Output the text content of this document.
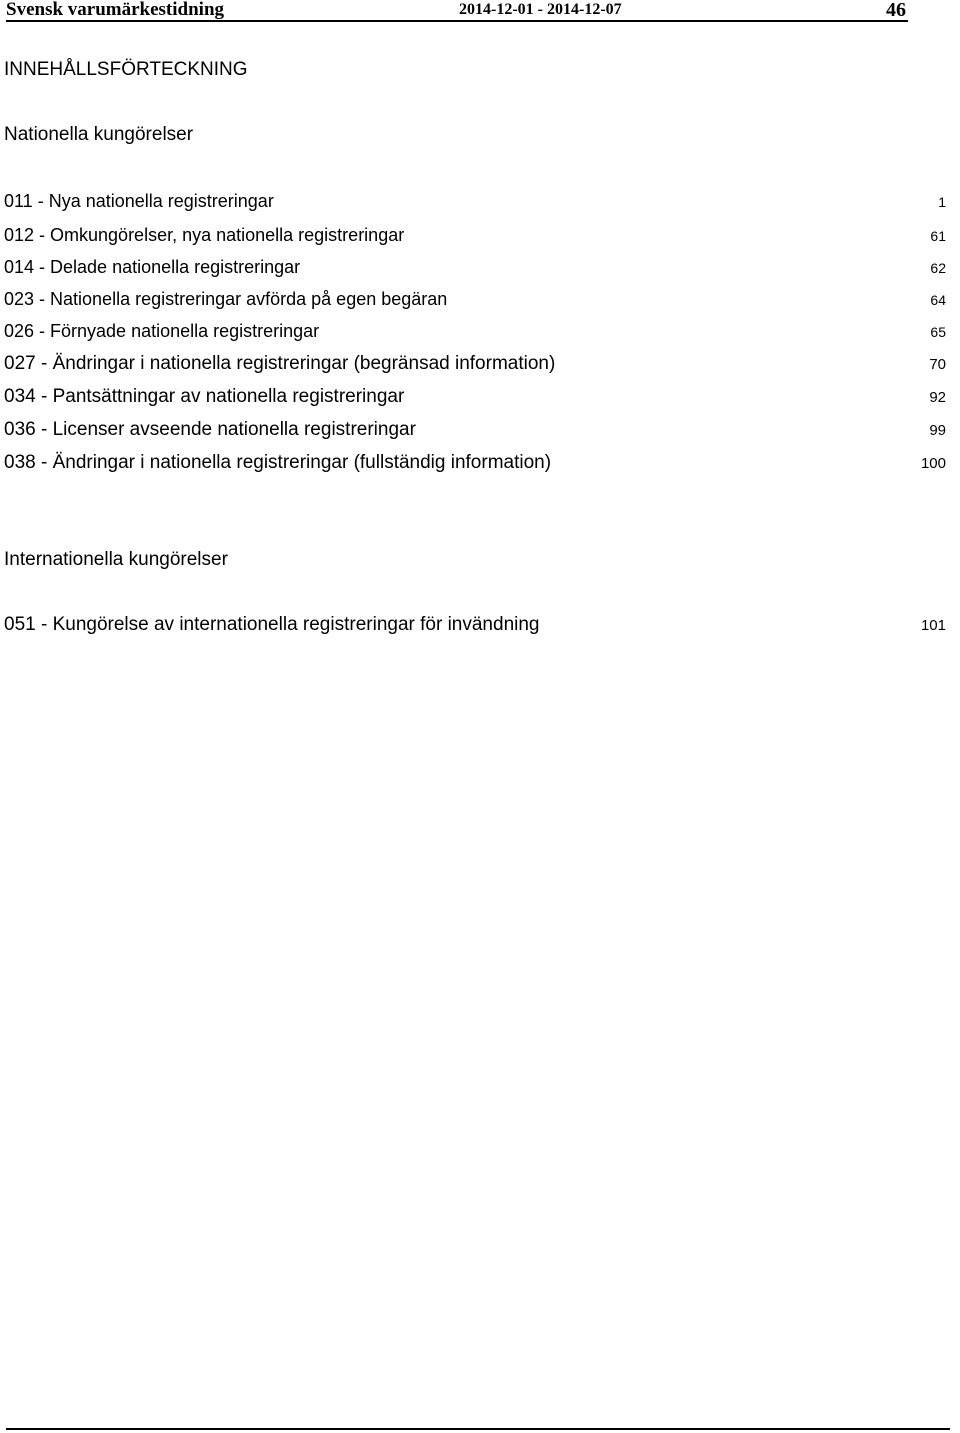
Svensk varumärkestidning	2014-12-01 - 2014-12-07	46
INNEHÅLLSFÖRTECKNING
Nationella kungörelser
011 - Nya nationella registreringar	1
012 - Omkungörelser, nya nationella registreringar	61
014 - Delade nationella registreringar	62
023 - Nationella registreringar avförda på egen begäran	64
026 - Förnyade nationella registreringar	65
027 - Ändringar i nationella registreringar (begränsad information)	70
034 - Pantsättningar av nationella registreringar	92
036 - Licenser avseende nationella registreringar	99
038 - Ändringar i nationella registreringar (fullständig information)	100
Internationella kungörelser
051 - Kungörelse av internationella registreringar för invändning	101
